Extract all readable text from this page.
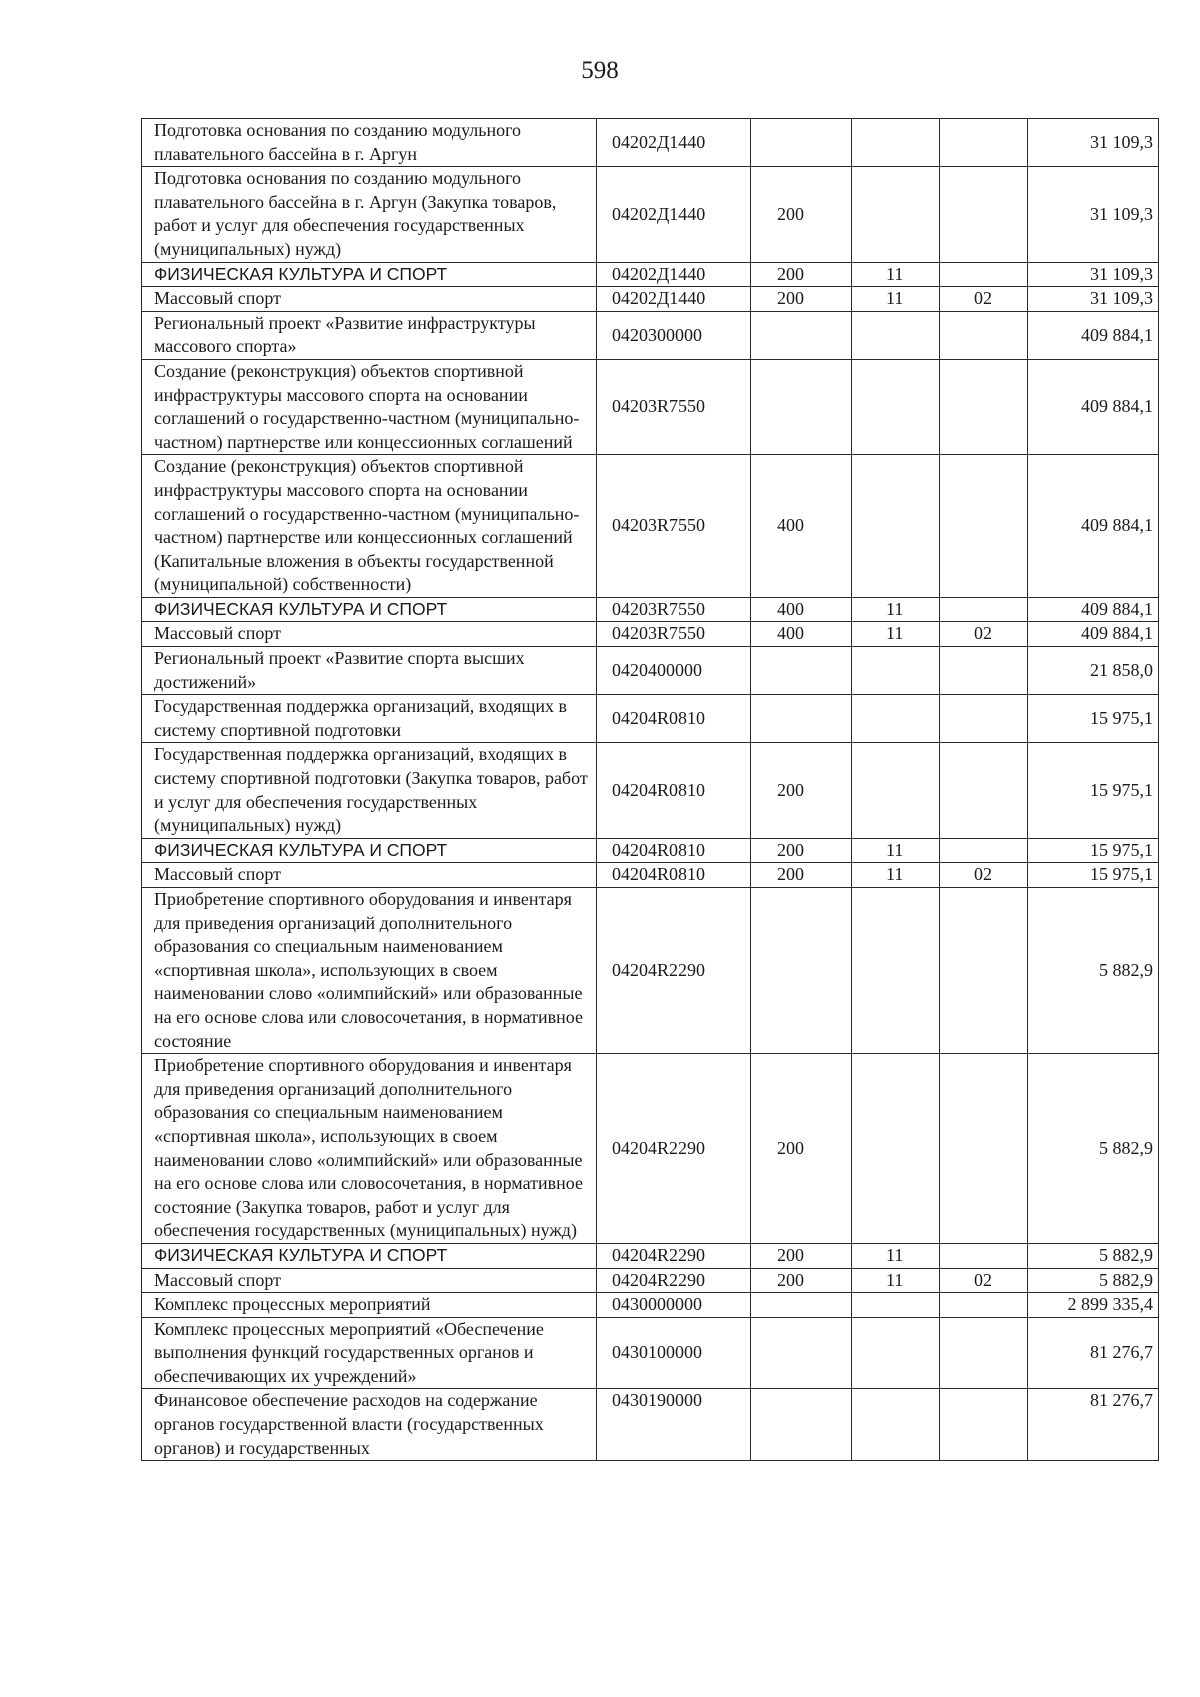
598
Подготовка основания по созданию модульного плавательного бассейна в г. Аргун	04202Д1440				31 109,3
Подготовка основания по созданию модульного плавательного бассейна в г. Аргун (Закупка товаров, работ и услуг для обеспечения государственных (муниципальных) нужд)	04202Д1440	200			31 109,3
ФИЗИЧЕСКАЯ КУЛЬТУРА И СПОРТ	04202Д1440	200	11		31 109,3
Массовый спорт	04202Д1440	200	11	02	31 109,3
Региональный проект «Развитие инфраструктуры массового спорта»	0420300000				409 884,1
Создание (реконструкция) объектов спортивной инфраструктуры массового спорта на основании соглашений о государственно-частном (муниципально-частном) партнерстве или концессионных соглашений	04203R7550				409 884,1
Создание (реконструкция) объектов спортивной инфраструктуры массового спорта на основании соглашений о государственно-частном (муниципально-частном) партнерстве или концессионных соглашений (Капитальные вложения в объекты государственной (муниципальной) собственности)	04203R7550	400			409 884,1
ФИЗИЧЕСКАЯ КУЛЬТУРА И СПОРТ	04203R7550	400	11		409 884,1
Массовый спорт	04203R7550	400	11	02	409 884,1
Региональный проект «Развитие спорта высших достижений»	0420400000				21 858,0
Государственная поддержка организаций, входящих в систему спортивной подготовки	04204R0810				15 975,1
Государственная поддержка организаций, входящих в систему спортивной подготовки (Закупка товаров, работ и услуг для обеспечения государственных (муниципальных) нужд)	04204R0810	200			15 975,1
ФИЗИЧЕСКАЯ КУЛЬТУРА И СПОРТ	04204R0810	200	11		15 975,1
Массовый спорт	04204R0810	200	11	02	15 975,1
Приобретение спортивного оборудования и инвентаря для приведения организаций дополнительного образования со специальным наименованием «спортивная школа», использующих в своем наименовании слово «олимпийский» или образованные на его основе слова или словосочетания, в нормативное состояние	04204R2290				5 882,9
Приобретение спортивного оборудования и инвентаря для приведения организаций дополнительного образования со специальным наименованием «спортивная школа», использующих в своем наименовании слово «олимпийский» или образованные на его основе слова или словосочетания, в нормативное состояние (Закупка товаров, работ и услуг для обеспечения государственных (муниципальных) нужд)	04204R2290	200			5 882,9
ФИЗИЧЕСКАЯ КУЛЬТУРА И СПОРТ	04204R2290	200	11		5 882,9
Массовый спорт	04204R2290	200	11	02	5 882,9
Комплекс процессных мероприятий	0430000000				2 899 335,4
Комплекс процессных мероприятий «Обеспечение выполнения функций государственных органов и обеспечивающих их учреждений»	0430100000				81 276,7
Финансовое обеспечение расходов на содержание органов государственной власти (государственных органов) и государственных	0430190000				81 276,7
